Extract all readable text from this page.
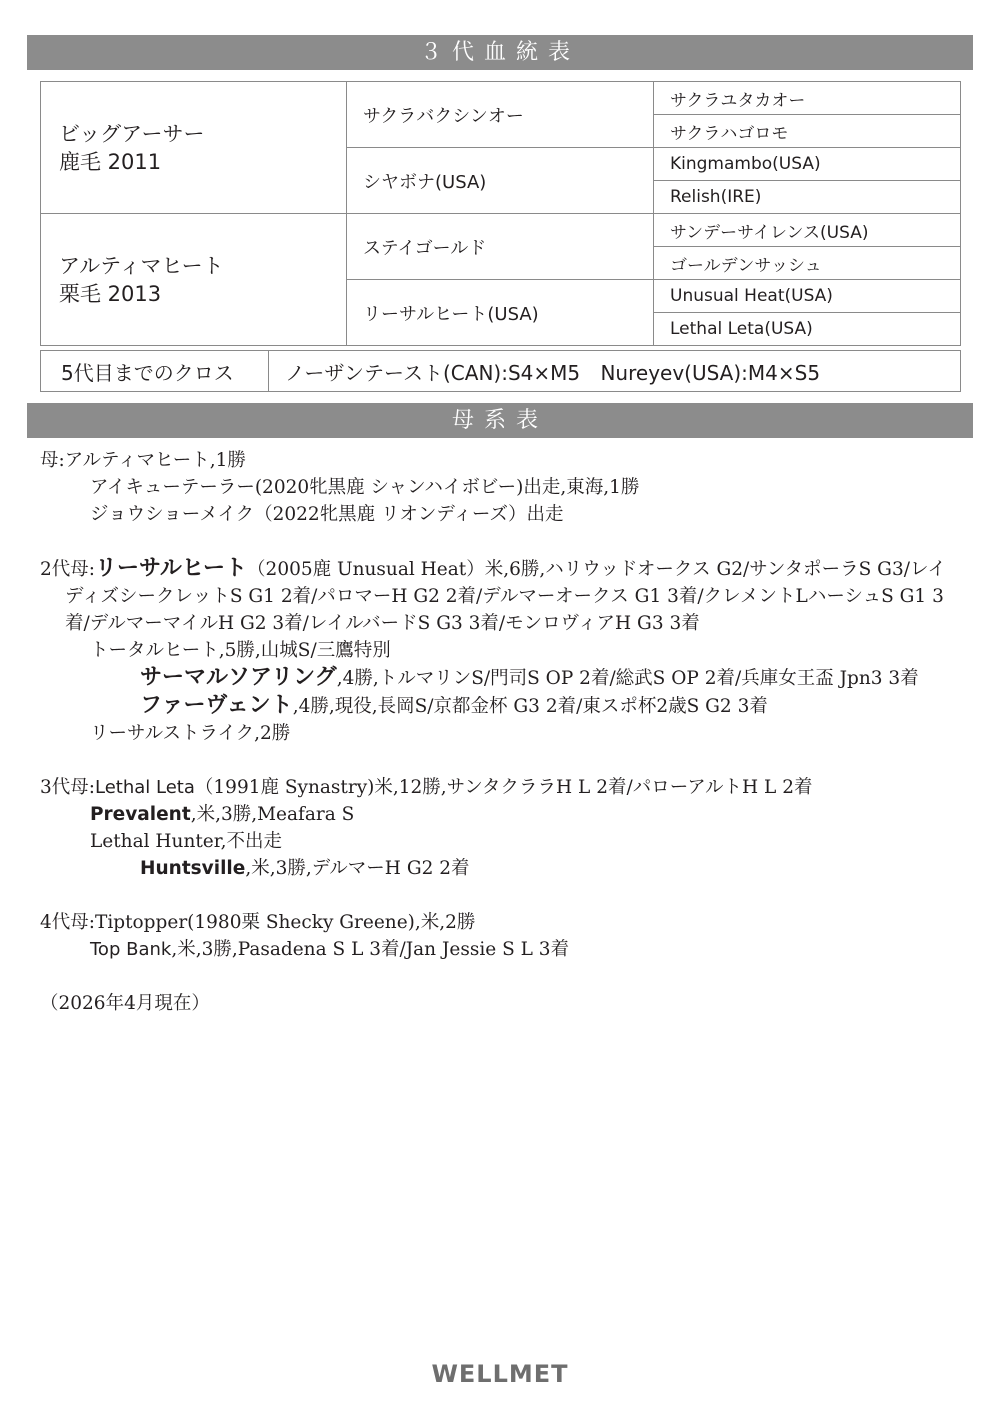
３代血統表
ビッグアーサー
鹿毛 2011	サクラバクシンオー	サクラユタカオー
		サクラハゴロモ
	シヤボナ(USA)	Kingmambo(USA)
		Relish(IRE)

アルティマヒート
栗毛 2013	ステイゴールド	サンデーサイレンス(USA)
		ゴールデンサッシュ
	リーサルヒート(USA)	Unusual Heat(USA)
		Lethal Leta(USA)
5代目までのクロス	ノーザンテースト(CAN):S4×M5 Nureyev(USA):M4×S5
母系表

母:アルティマヒート,1勝

アイキューテーラー(2020牝黒鹿 シャンハイボビー)出走,東海,1勝

ジョウショーメイク（2022牝黒鹿 リオンディーズ）出走

2代母:リーサルヒート（2005鹿 Unusual Heat）米,6勝,ハリウッドオークス G2/サンタポーラS G3/レイディズシークレットS G1 2着/パロマーH G2 2着/デルマーオークス G1 3着/クレメントLハーシュS G1 3着/デルマーマイルH G2 3着/レイルバードS G3 3着/モンロヴィアH G3 3着

トータルヒート,5勝,山城S/三鷹特別

サーマルソアリング,4勝,トルマリンS/門司S OP 2着/総武S OP 2着/兵庫女王盃 Jpn3 3着

ファーヴェント,4勝,現役,長岡S/京都金杯 G3 2着/東スポ杯2歳S G2 3着

リーサルストライク,2勝

3代母:Lethal Leta（1991鹿 Synastry)米,12勝,サンタクララH L 2着/パローアルトH L 2着

Prevalent,米,3勝,Meafara S

Lethal Hunter,不出走

Huntsville,米,3勝,デルマーH G2 2着

4代母:Tiptopper(1980栗 Shecky Greene),米,2勝

Top Bank,米,3勝,Pasadena S L 3着/Jan Jessie S L 3着

（2026年4月現在）

WELLMET
